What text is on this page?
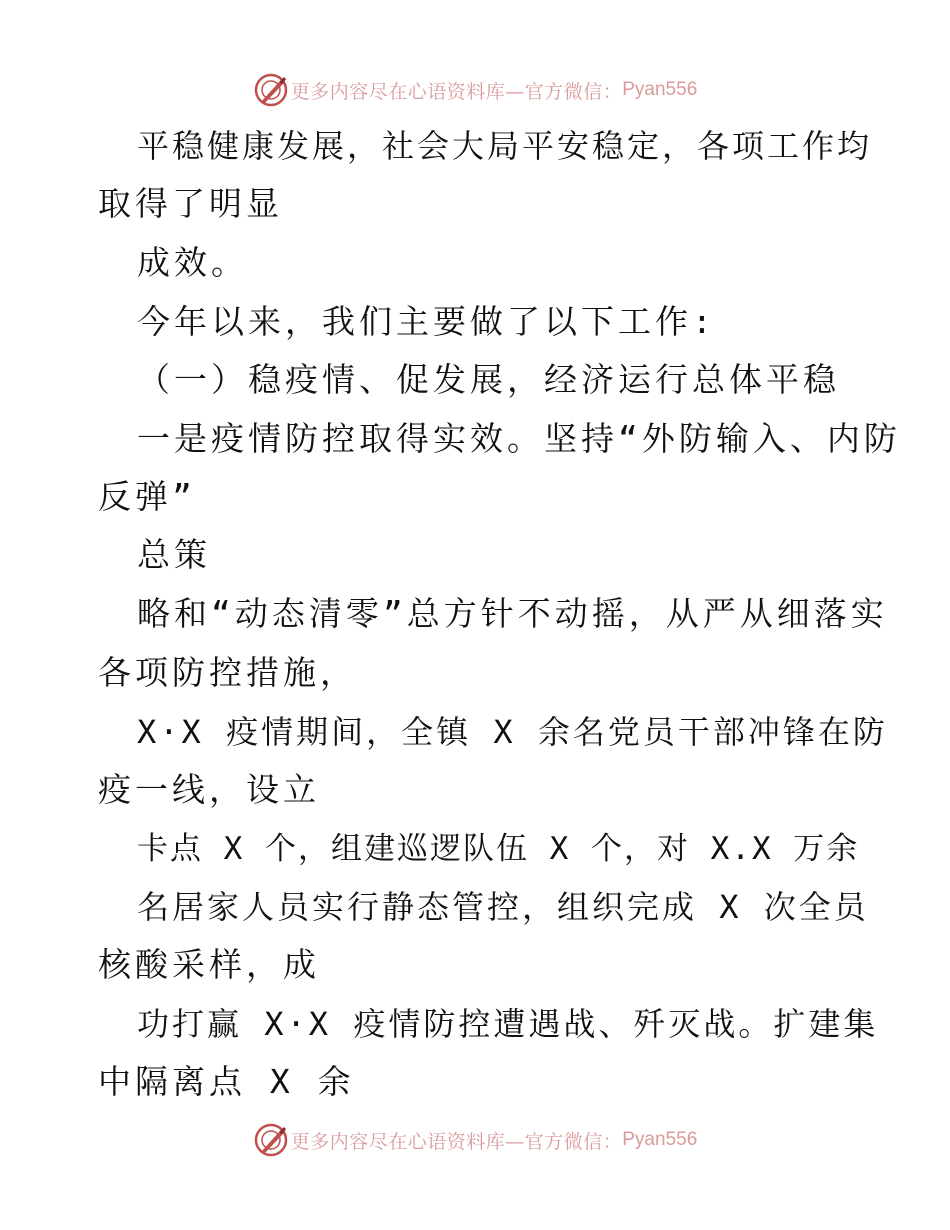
更多内容尽在心语资料库—官方微信： Pyan556
平稳健康发展，社会大局平安稳定，各项工作均
取得了明显
成效。
今年以来，我们主要做了以下工作:
（一）稳疫情、促发展，经济运行总体平稳
一是疫情防控取得实效。坚持“外防输入、内防
反弹”
总策
略和“动态清零”总方针不动摇，从严从细落实
各项防控措施，
X·X 疫情期间，全镇 X 余名党员干部冲锋在防
疫一线，设立
卡点 X 个，组建巡逻队伍 X 个，对 X.X 万余
名居家人员实行静态管控，组织完成 X 次全员
核酸采样，成
功打赢 X·X 疫情防控遭遇战、歼灭战。扩建集
中隔离点 X 余
更多内容尽在心语资料库—官方微信： Pyan556
